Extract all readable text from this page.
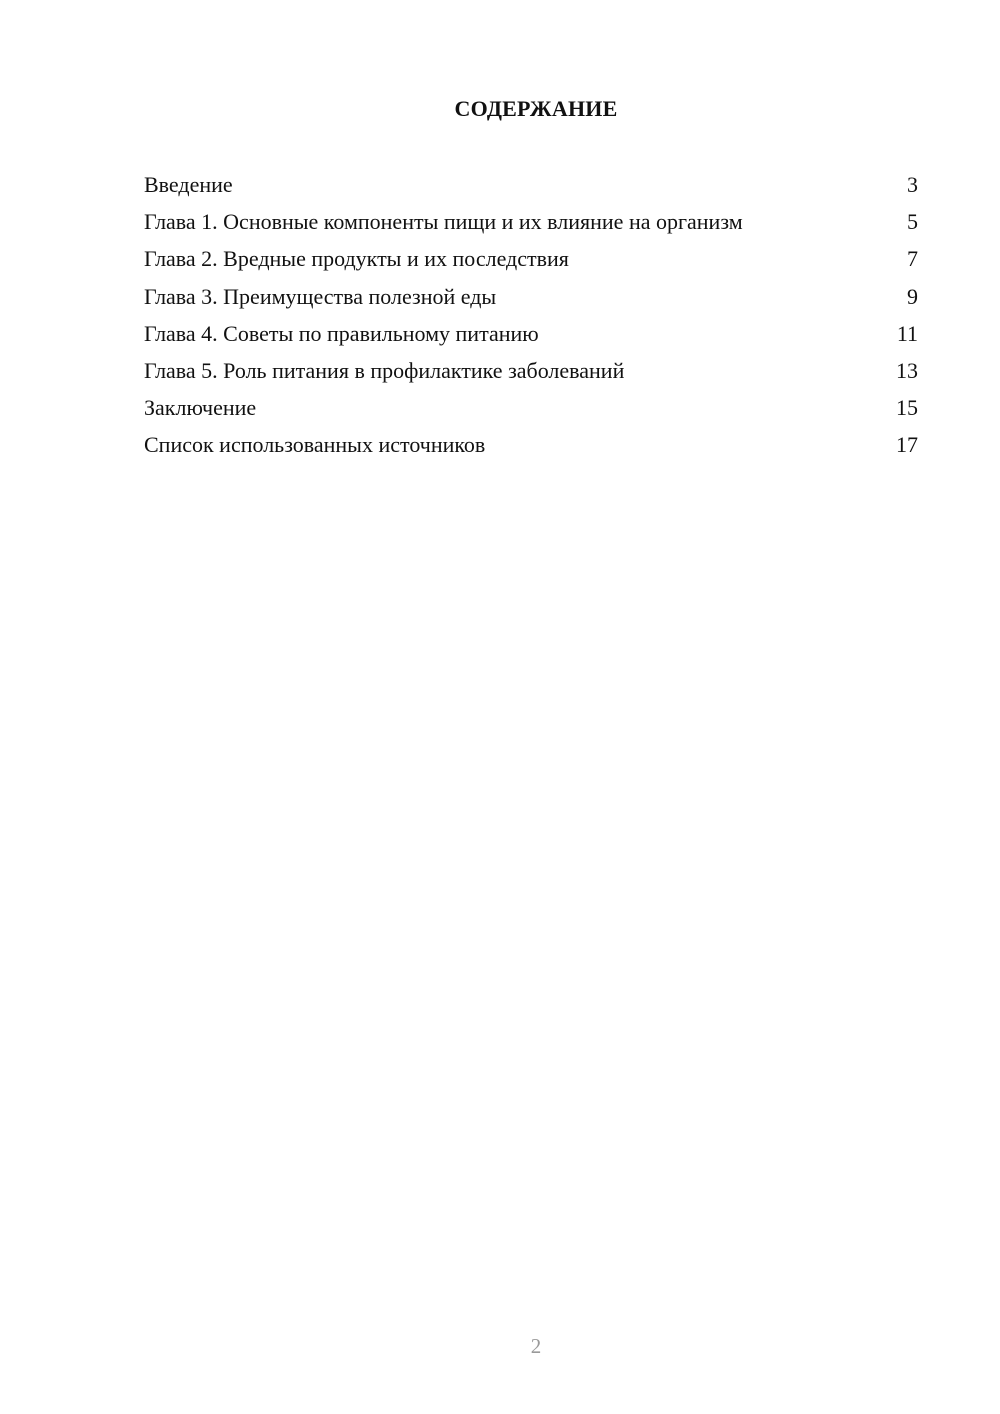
СОДЕРЖАНИЕ
Введение	3
Глава 1. Основные компоненты пищи и их влияние на организм	5
Глава 2. Вредные продукты и их последствия	7
Глава 3. Преимущества полезной еды	9
Глава 4. Советы по правильному питанию	11
Глава 5. Роль питания в профилактике заболеваний	13
Заключение	15
Список использованных источников	17
2
